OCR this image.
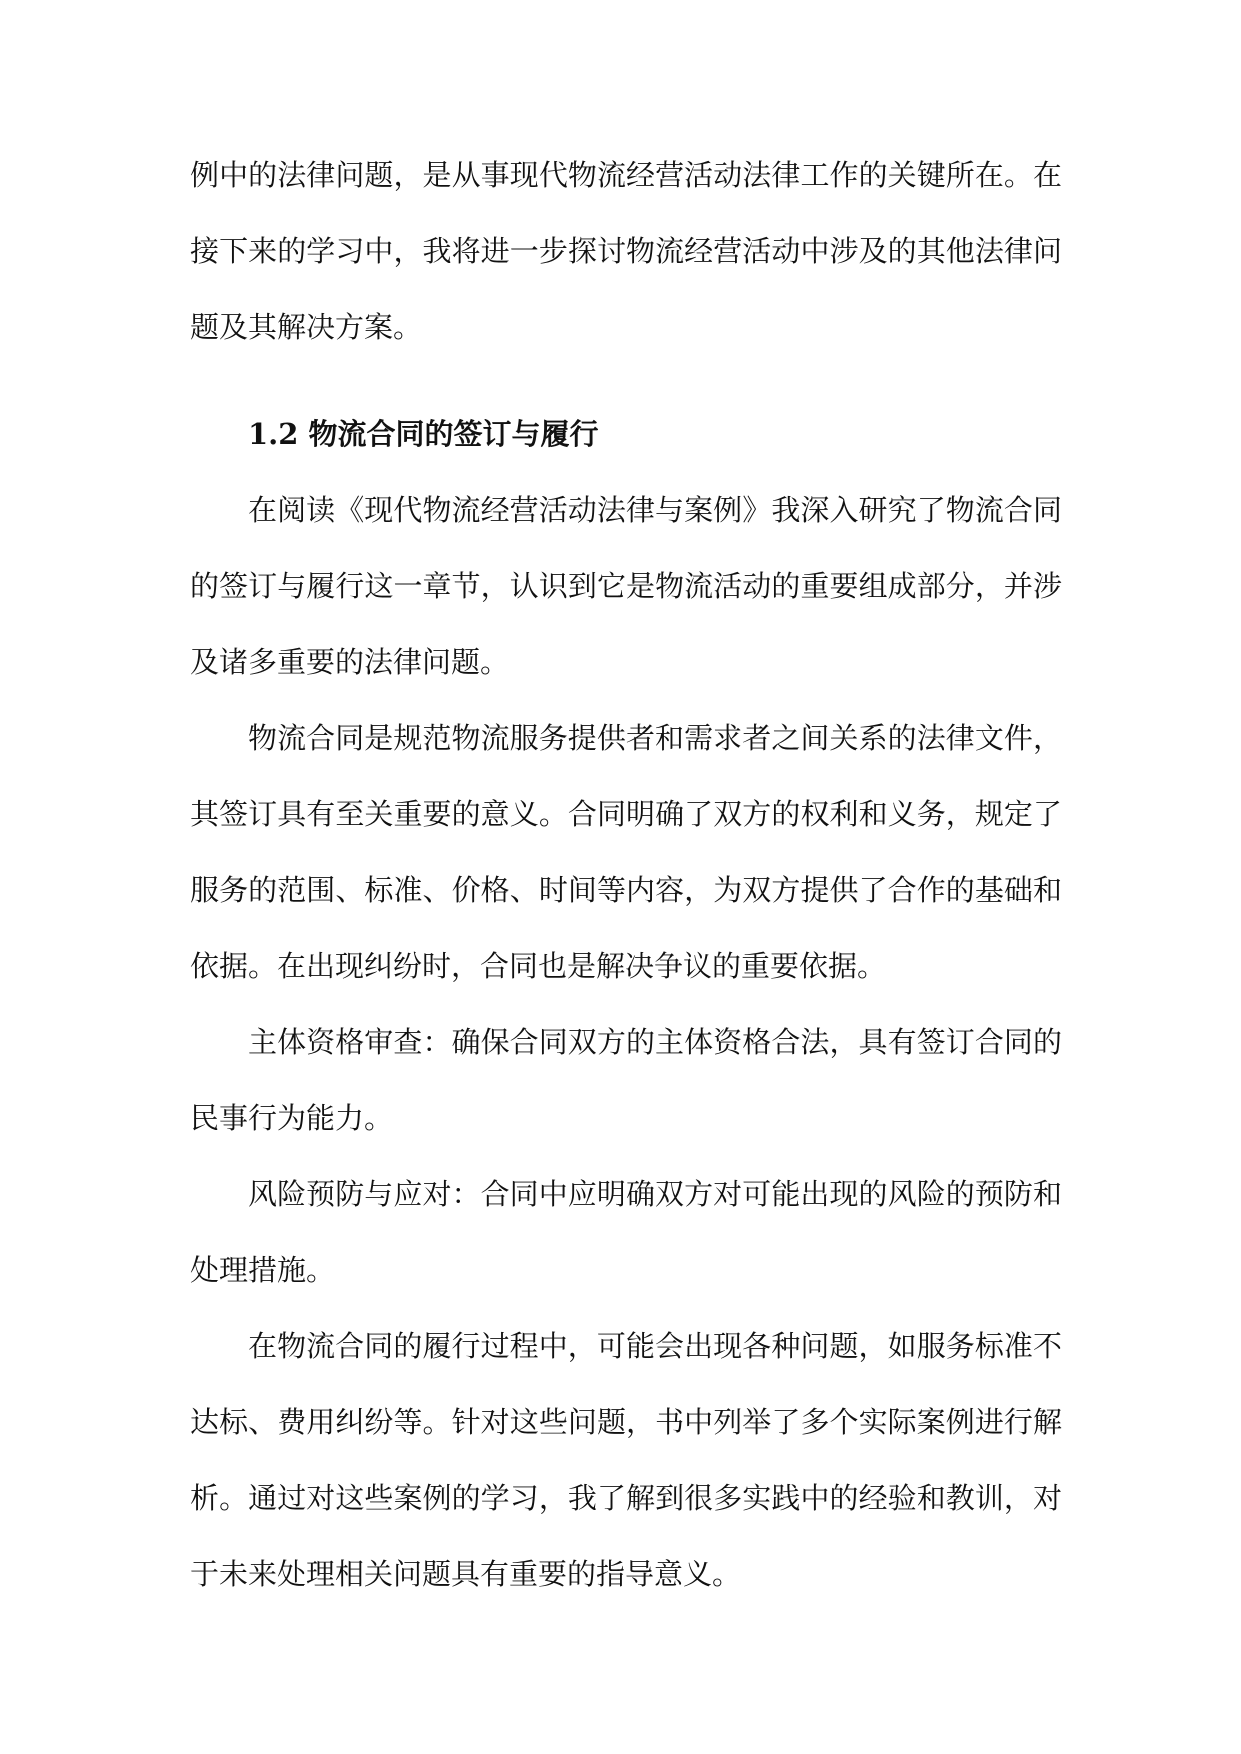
例中的法律问题，是从事现代物流经营活动法律工作的关键所在。在
接下来的学习中，我将进一步探讨物流经营活动中涉及的其他法律问
题及其解决方案。
1.2 物流合同的签订与履行
在阅读《现代物流经营活动法律与案例》我深入研究了物流合同
的签订与履行这一章节，认识到它是物流活动的重要组成部分，并涉
及诸多重要的法律问题。
物流合同是规范物流服务提供者和需求者之间关系的法律文件，
其签订具有至关重要的意义。合同明确了双方的权利和义务，规定了
服务的范围、标准、价格、时间等内容，为双方提供了合作的基础和
依据。在出现纠纷时，合同也是解决争议的重要依据。
主体资格审查：确保合同双方的主体资格合法，具有签订合同的
民事行为能力。
风险预防与应对：合同中应明确双方对可能出现的风险的预防和
处理措施。
在物流合同的履行过程中，可能会出现各种问题，如服务标准不
达标、费用纠纷等。针对这些问题，书中列举了多个实际案例进行解
析。通过对这些案例的学习，我了解到很多实践中的经验和教训，对
于未来处理相关问题具有重要的指导意义。
